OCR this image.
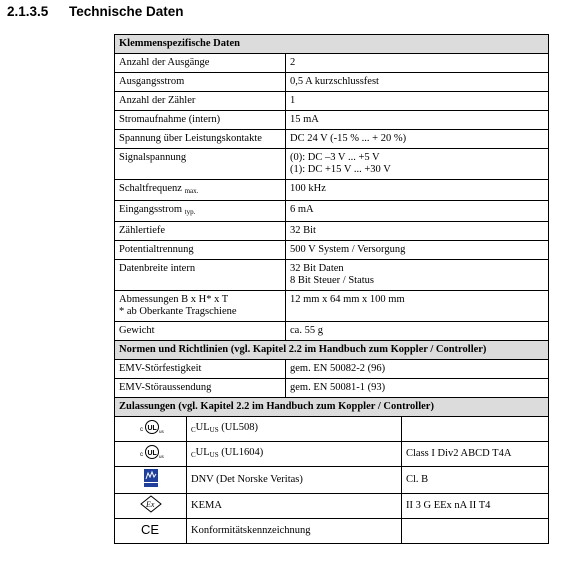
2.1.3.5 Technische Daten
Klemmenspezifische Daten	
Anzahl der Ausgänge	2
Ausgangsstrom	0,5 A kurzschlussfest
Anzahl der Zähler	1
Stromaufnahme (intern)	15 mA
Spannung über Leistungskontakte	DC 24 V (-15 % ... + 20 %)
Signalspannung	(0): DC –3 V ... +5 V
(1): DC +15 V ... +30 V

Schaltfrequenz $_{max.}$	100 kHz
Eingangsstrom $_{typ.}$	6 mA
Zählertiefe	32 Bit
Potentialtrennung	500 V System / Versorgung
Datenbreite intern	32 Bit Daten
8 Bit Steuer / Status

Abmessungen B x H* x T
* ab Oberkante Tragschiene	12 mm x 64 mm x 100 mm
Gewicht	ca. 55 g
Normen und Richtlinien (vgl. Kapitel 2.2 im Handbuch zum Koppler / Controller)	
EMV-Störfestigkeit	gem. EN 50082-2 (96)
EMV-Störaussendung	gem. EN 50081-1 (93)
Zulassungen (vgl. Kapitel 2.2 im Handbuch zum Koppler / Controller)	
c UL us	CULUS (UL508)	

c UL us	CULUS (UL1604)	Class I Div2 ABCD T4A
	DNV (Det Norske Veritas)	Cl. B

Ex	KEMA	II 3 G EEx nA II T4

CE	Konformitätskennzeichnung	
